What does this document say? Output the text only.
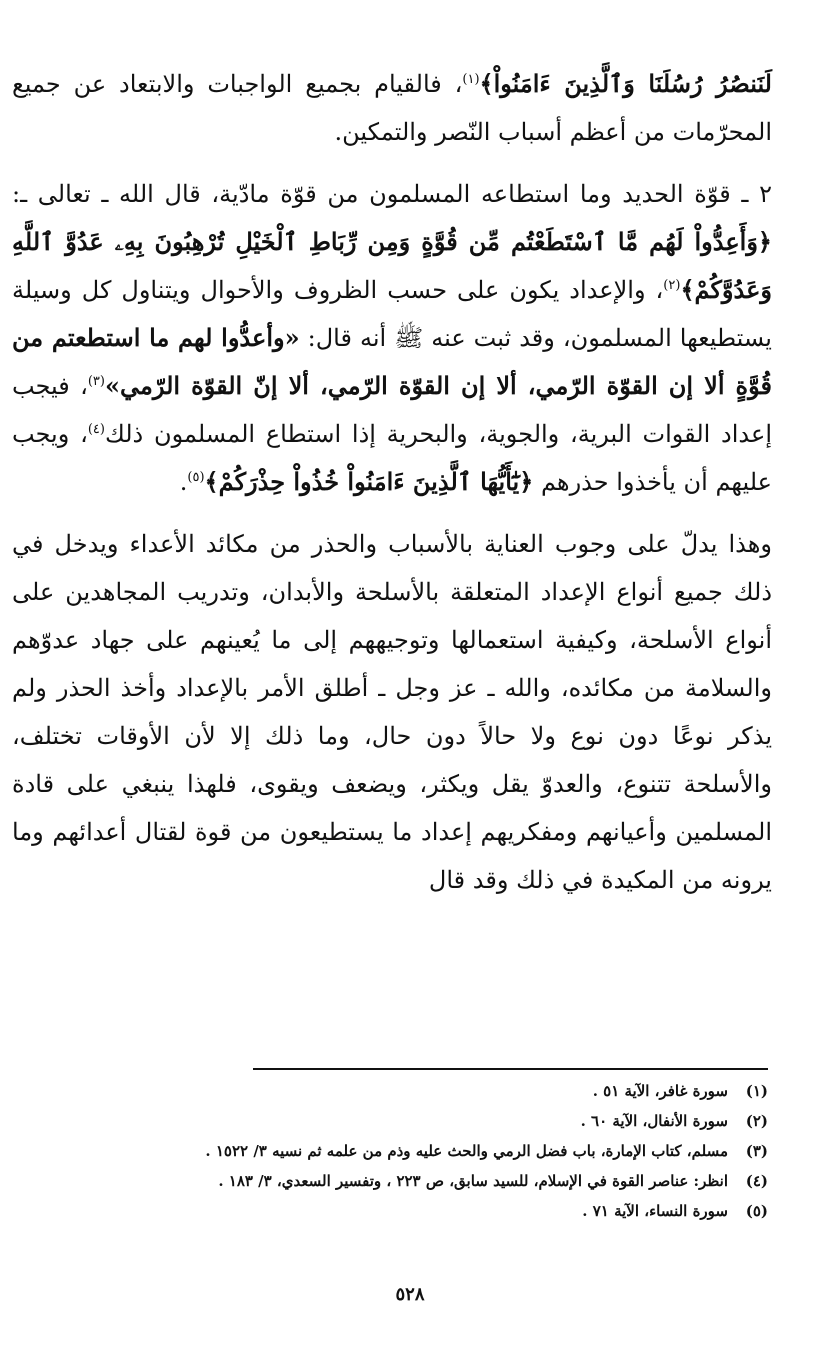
لَنَنصُرُ رُسُلَنَا وَٱلَّذِينَ ءَامَنُواْ﴾$^{(١)}$، فالقيام بجميع الواجبات والابتعاد عن جميع المحرّمات من أعظم أسباب النّصر والتمكين.

٢ ـ قوّة الحديد وما استطاعه المسلمون من قوّة مادّية، قال الله ـ تعالى ـ: ﴿وَأَعِدُّواْ لَهُم مَّا ٱسْتَطَعْتُم مِّن قُوَّةٍ وَمِن رِّبَاطِ ٱلْخَيْلِ تُرْهِبُونَ بِهِۦ عَدُوَّ ٱللَّهِ وَعَدُوَّكُمْ﴾$^{(٢)}$، والإعداد يكون على حسب الظروف والأحوال ويتناول كل وسيلة يستطيعها المسلمون، وقد ثبت عنه ﷺ أنه قال: «وأعدُّوا لهم ما استطعتم من قُوَّةٍ ألا إن القوّة الرّمي، ألا إن القوّة الرّمي، ألا إنّ القوّة الرّمي»$^{(٣)}$، فيجب إعداد القوات البرية، والجوية، والبحرية إذا استطاع المسلمون ذلك$^{(٤)}$، ويجب عليهم أن يأخذوا حذرهم ﴿يَٰٓأَيُّهَا ٱلَّذِينَ ءَامَنُواْ خُذُواْ حِذْرَكُمْ﴾$^{(٥)}$.

وهذا يدلّ على وجوب العناية بالأسباب والحذر من مكائد الأعداء ويدخل في ذلك جميع أنواع الإعداد المتعلقة بالأسلحة والأبدان، وتدريب المجاهدين على أنواع الأسلحة، وكيفية استعمالها وتوجيههم إلى ما يُعينهم على جهاد عدوّهم والسلامة من مكائده، والله ـ عز وجل ـ أطلق الأمر بالإعداد وأخذ الحذر ولم يذكر نوعًا دون نوع ولا حالاً دون حال، وما ذلك إلا لأن الأوقات تختلف، والأسلحة تتنوع، والعدوّ يقل ويكثر، ويضعف ويقوى، فلهذا ينبغي على قادة المسلمين وأعيانهم ومفكريهم إعداد ما يستطيعون من قوة لقتال أعدائهم وما يرونه من المكيدة في ذلك وقد قال

(١)
سورة غافر، الآية ٥١ .
(٢)
سورة الأنفال، الآية ٦٠ .
(٣)
مسلم، كتاب الإمارة، باب فضل الرمي والحث عليه وذم من علمه ثم نسيه ٣/ ١٥٢٢ .
(٤)
انظر: عناصر القوة في الإسلام، للسيد سابق، ص ٢٢٣ ، وتفسير السعدي، ٣/ ١٨٣ .
(٥)
سورة النساء، الآية ٧١ .
٥٢٨
